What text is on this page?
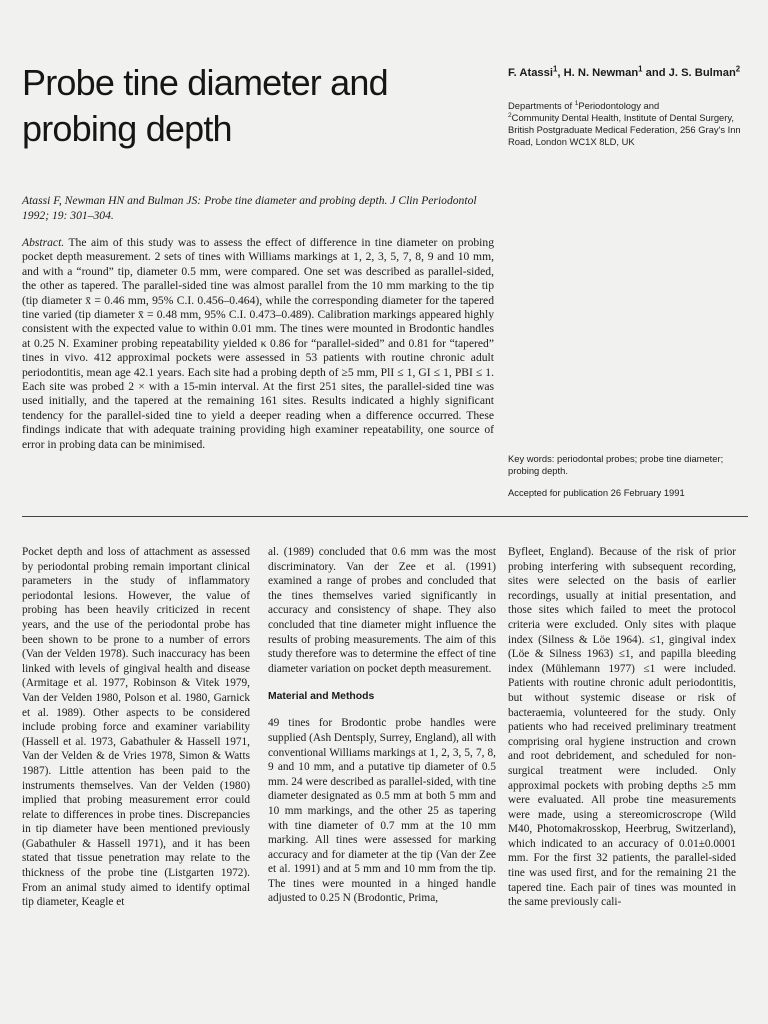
Probe tine diameter and probing depth

F. Atassi$^1$, H. N. Newman$^1$ and J. S. Bulman$^2$

Departments of $^1$Periodontology and
$^2$Community Dental Health, Institute of Dental Surgery, British Postgraduate Medical Federation, 256 Gray's Inn Road, London WC1X 8LD, UK

Atassi F, Newman HN and Bulman JS: Probe tine diameter and probing depth. J Clin Periodontol 1992; 19: 301–304.

Abstract. The aim of this study was to assess the effect of difference in tine diameter on probing pocket depth measurement. 2 sets of tines with Williams markings at 1, 2, 3, 5, 7, 8, 9 and 10 mm, and with a “round” tip, diameter 0.5 mm, were compared. One set was described as parallel-sided, the other as tapered. The parallel-sided tine was almost parallel from the 10 mm marking to the tip (tip diameter x̄ = 0.46 mm, 95% C.I. 0.456–0.464), while the corresponding diameter for the tapered tine varied (tip diameter x̄ = 0.48 mm, 95% C.I. 0.473–0.489). Calibration markings appeared highly consistent with the expected value to within 0.01 mm. The tines were mounted in Brodontic handles at 0.25 N. Examiner probing repeatability yielded κ 0.86 for “parallel-sided” and 0.81 for “tapered” tines in vivo. 412 approximal pockets were assessed in 53 patients with routine chronic adult periodontitis, mean age 42.1 years. Each site had a probing depth of ≥5 mm, PlI ≤ 1, GI ≤ 1, PBI ≤ 1. Each site was probed 2 × with a 15-min interval. At the first 251 sites, the parallel-sided tine was used initially, and the tapered at the remaining 161 sites. Results indicated a highly significant tendency for the parallel-sided tine to yield a deeper reading when a difference occurred. These findings indicate that with adequate training providing high examiner repeatability, one source of error in probing data can be minimised.

Key words: periodontal probes; probe tine diameter; probing depth.

Accepted for publication 26 February 1991

Pocket depth and loss of attachment as assessed by periodontal probing remain important clinical parameters in the study of inflammatory periodontal lesions. However, the value of probing has been heavily criticized in recent years, and the use of the periodontal probe has been shown to be prone to a number of errors (Van der Velden 1978). Such inaccuracy has been linked with levels of gingival health and disease (Armitage et al. 1977, Robinson & Vitek 1979, Van der Velden 1980, Polson et al. 1980, Garnick et al. 1989). Other aspects to be considered include probing force and examiner variability (Hassell et al. 1973, Gabathuler & Hassell 1971, Van der Velden & de Vries 1978, Simon & Watts 1987). Little attention has been paid to the instruments themselves. Van der Velden (1980) implied that probing measurement error could relate to differences in probe tines. Discrepancies in tip diameter have been mentioned previously (Gabathuler & Hassell 1971), and it has been stated that tissue penetration may relate to the thickness of the probe tine (Listgarten 1972). From an animal study aimed to identify optimal tip diameter, Keagle et

al. (1989) concluded that 0.6 mm was the most discriminatory. Van der Zee et al. (1991) examined a range of probes and concluded that the tines themselves varied significantly in accuracy and consistency of shape. They also concluded that tine diameter might influence the results of probing measurements. The aim of this study therefore was to determine the effect of tine diameter variation on pocket depth measurement.

Material and Methods

49 tines for Brodontic probe handles were supplied (Ash Dentsply, Surrey, England), all with conventional Williams markings at 1, 2, 3, 5, 7, 8, 9 and 10 mm, and a putative tip diameter of 0.5 mm. 24 were described as parallel-sided, with tine diameter designated as 0.5 mm at both 5 mm and 10 mm markings, and the other 25 as tapering with tine diameter of 0.7 mm at the 10 mm marking. All tines were assessed for marking accuracy and for diameter at the tip (Van der Zee et al. 1991) and at 5 mm and 10 mm from the tip. The tines were mounted in a hinged handle adjusted to 0.25 N (Brodontic, Prima,

Byfleet, England). Because of the risk of prior probing interfering with subsequent recording, sites were selected on the basis of earlier recordings, usually at initial presentation, and those sites which failed to meet the protocol criteria were excluded. Only sites with plaque index (Silness & Löe 1964). ≤1, gingival index (Löe & Silness 1963) ≤1, and papilla bleeding index (Mühlemann 1977) ≤1 were included. Patients with routine chronic adult periodontitis, but without systemic disease or risk of bacteraemia, volunteered for the study. Only patients who had received preliminary treatment comprising oral hygiene instruction and crown and root debridement, and scheduled for non-surgical treatment were included. Only approximal pockets with probing depths ≥5 mm were evaluated. All probe tine measurements were made, using a stereomicroscrope (Wild M40, Photomakrosskop, Heerbrug, Switzerland), which indicated to an accuracy of 0.01±0.0001 mm. For the first 32 patients, the parallel-sided tine was used first, and for the remaining 21 the tapered tine. Each pair of tines was mounted in the same previously cali-
